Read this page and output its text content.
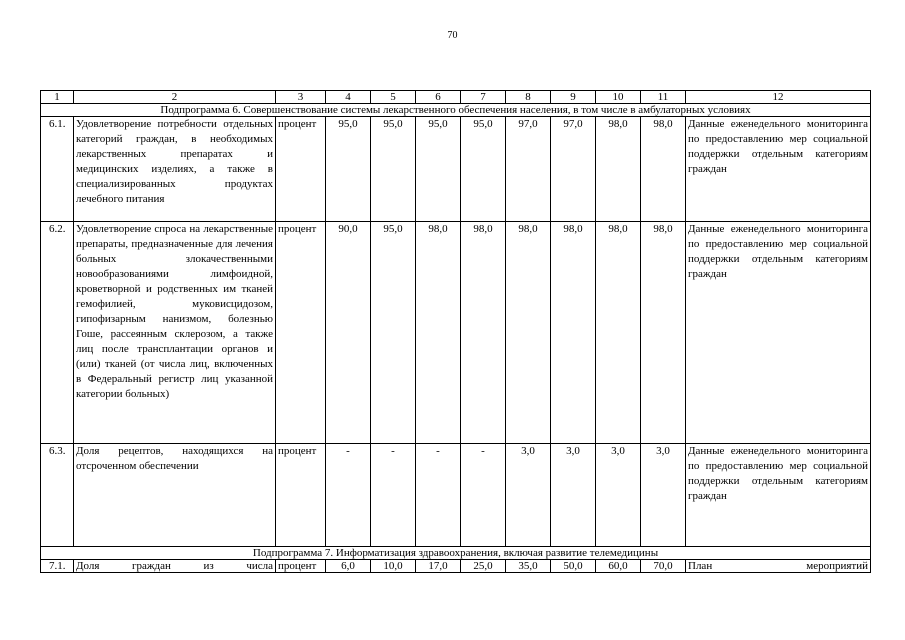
70
1	2	3	4	5	6	7	8	9	10	11	12
Подпрограмма 6. Совершенствование системы лекарственного обеспечения населения, в том числе в амбулаторных условиях											
6.1.	Удовлетворение потребности отдельных категорий граждан, в необходимых лекарственных препаратах и медицинских изделиях, а также в специализированных продуктах лечебного питания	процент	95,0	95,0	95,0	95,0	97,0	97,0	98,0	98,0	Данные еженедельного мониторинга по предоставлению мер социальной поддержки отдельным категориям граждан
6.2.	Удовлетворение спроса на лекарственные препараты, предназначенные для лечения больных злокачественными новообразованиями лимфоидной, кроветворной и родственных им тканей гемофилией, муковисцидозом, гипофизарным нанизмом, болезнью Гоше, рассеянным склерозом, а также лиц после трансплантации органов и (или) тканей (от числа лиц, включенных в Федеральный регистр лиц указанной категории больных)	процент	90,0	95,0	98,0	98,0	98,0	98,0	98,0	98,0	Данные еженедельного мониторинга по предоставлению мер социальной поддержки отдельным категориям граждан
6.3.	Доля рецептов, находящихся на отсроченном обеспечении	процент	-	-	-	-	3,0	3,0	3,0	3,0	Данные еженедельного мониторинга по предоставлению мер социальной поддержки отдельным категориям граждан
Подпрограмма 7. Информатизация здравоохранения, включая развитие телемедицины											
7.1.	Доля граждан из числа	процент	6,0	10,0	17,0	25,0	35,0	50,0	60,0	70,0	План мероприятий
